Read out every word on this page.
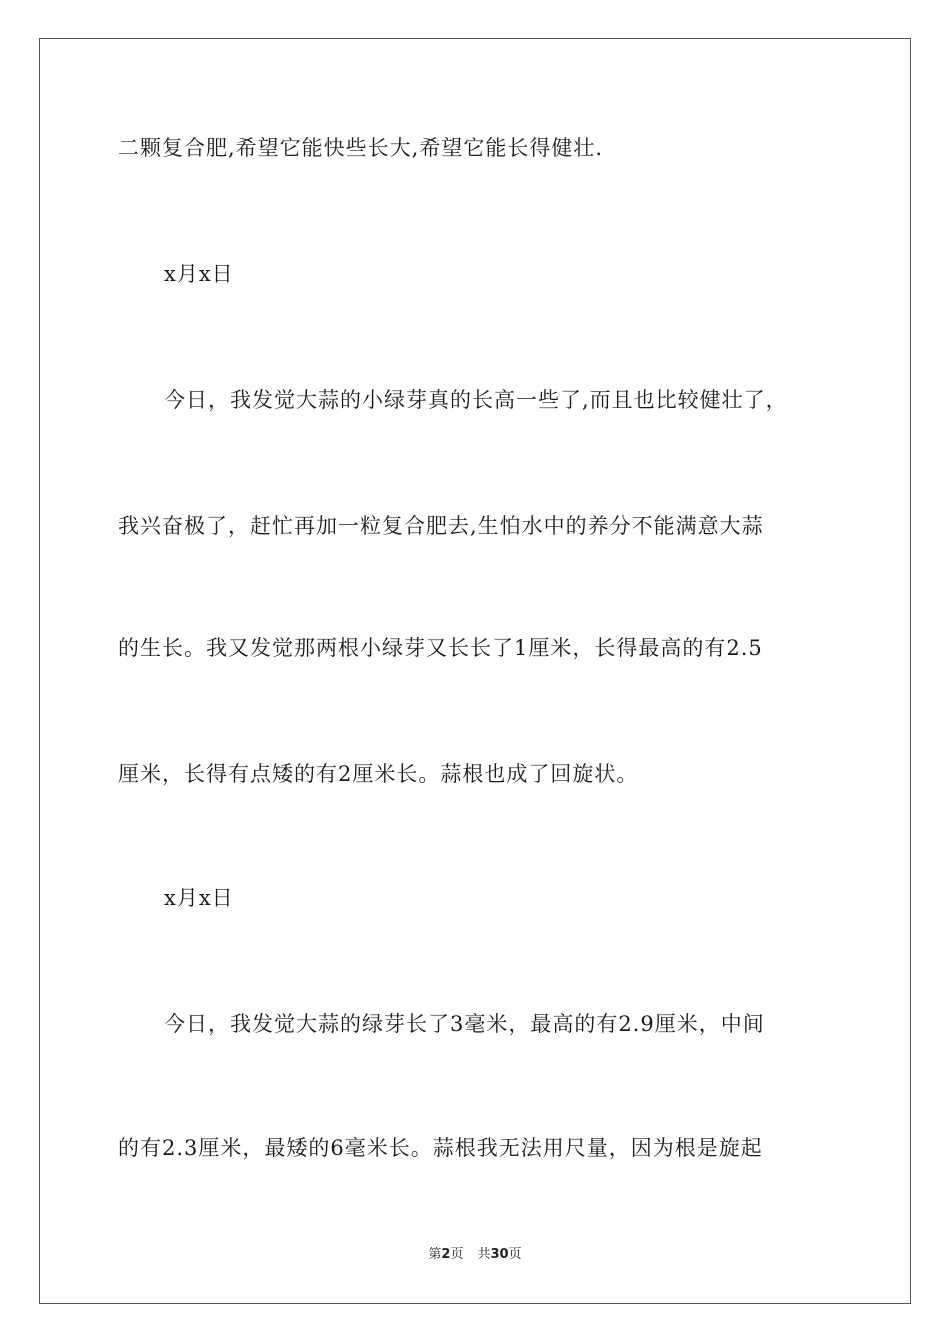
二颗复合肥,希望它能快些长大,希望它能长得健壮.
x月x日
今日，我发觉大蒜的小绿芽真的长高一些了,而且也比较健壮了，
我兴奋极了，赶忙再加一粒复合肥去,生怕水中的养分不能满意大蒜
的生长。我又发觉那两根小绿芽又长长了1厘米，长得最高的有2.5
厘米，长得有点矮的有2厘米长。蒜根也成了回旋状。
x月x日
今日，我发觉大蒜的绿芽长了3毫米，最高的有2.9厘米，中间
的有2.3厘米，最矮的6毫米长。蒜根我无法用尺量，因为根是旋起
第2页 共30页
